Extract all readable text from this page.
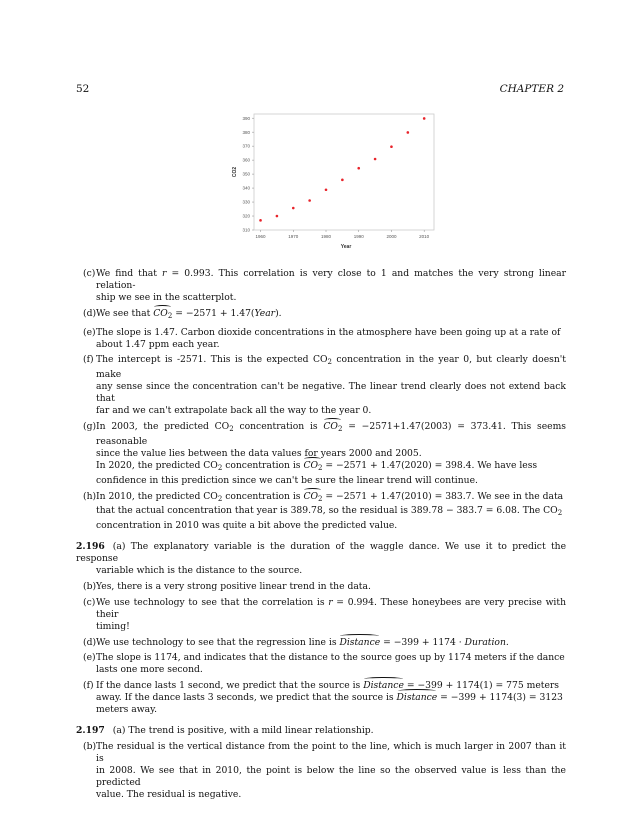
52	CHAPTER 2
310
320
330
340
350
360
370
380
390
1960	1970	1980	1990	2000	2010
Year
CO2
(c) We find that r = 0.993. This correlation is very close to 1 and matches the very strong linear relation-
ship we see in the scatterplot.
(d) We see that $CO_2 = -2571$ + 1.47(Year).
(e) The slope is 1.47. Carbon dioxide concentrations in the atmosphere have been going up at a rate of
about 1.47 ppm each year.
(f) The intercept is -2571. This is the expected $CO_2$ concentration in the year 0, but clearly doesn't make
any sense since the concentration can't be negative. The linear trend clearly does not extend back that
far and we can't extrapolate back all the way to the year 0.
(g) In 2003, the predicted $CO_2$ concentration is $CO_2 = -2571+1.47(2003) = 373.41$. This seems reasonable
since the value lies between the data values for years 2000 and 2005.
In 2020, the predicted $CO_2$ concentration is $CO_2 = -2571 + 1.47(2020) = 398.4$. We have less
confidence in this prediction since we can't be sure the linear trend will continue.
(h) In 2010, the predicted $CO_2$ concentration is $CO_2 = -2571 + 1.47(2010) = 383.7$. We see in the data
that the actual concentration that year is 389.78, so the residual is 389.78 − 383.7 = 6.08. The $CO_2$
concentration in 2010 was quite a bit above the predicted value.
2.196 (a) The explanatory variable is the duration of the waggle dance. We use it to predict the response
variable which is the distance to the source.
(b) Yes, there is a very strong positive linear trend in the data.
(c) We use technology to see that the correlation is r = 0.994. These honeybees are very precise with their
timing!
(d) We use technology to see that the regression line is Distance = −399 + 1174 · Duration.
(e) The slope is 1174, and indicates that the distance to the source goes up by 1174 meters if the dance
lasts one more second.
(f) If the dance lasts 1 second, we predict that the source is Distance = −399 + 1174(1) = 775 meters
away. If the dance lasts 3 seconds, we predict that the source is Distance = −399 + 1174(3) = 3123
meters away.
2.197 (a) The trend is positive, with a mild linear relationship.
(b) The residual is the vertical distance from the point to the line, which is much larger in 2007 than it is
in 2008. We see that in 2010, the point is below the line so the observed value is less than the predicted
value. The residual is negative.
